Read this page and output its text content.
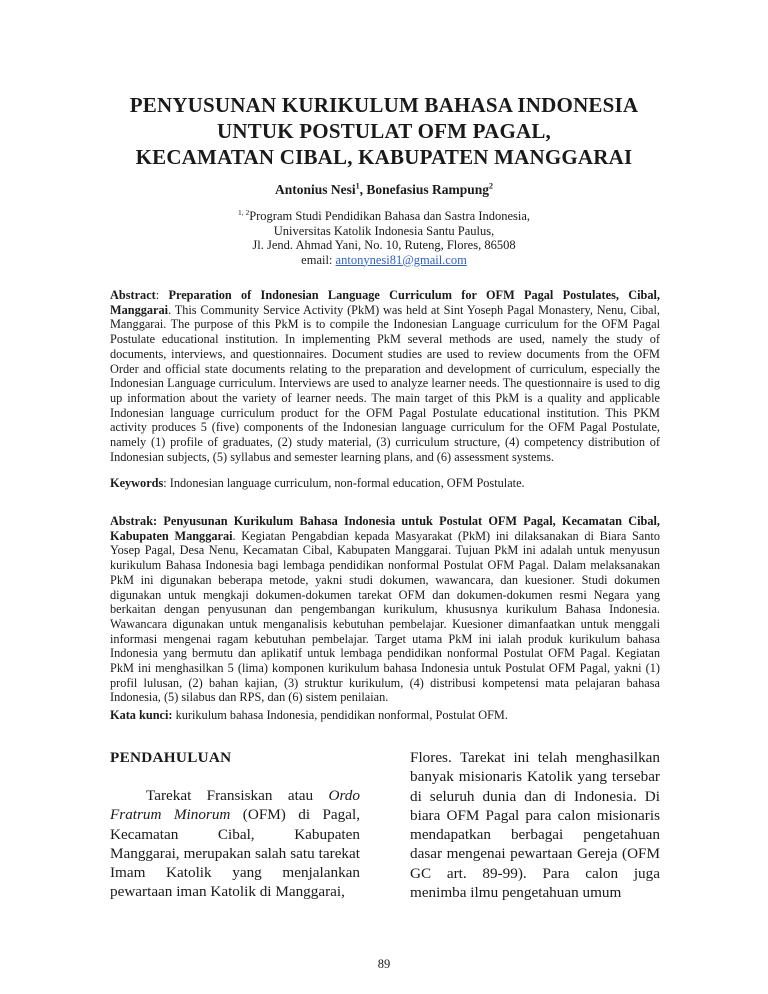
PENYUSUNAN KURIKULUM BAHASA INDONESIA
UNTUK POSTULAT OFM PAGAL,
KECAMATAN CIBAL, KABUPATEN MANGGARAI
Antonius Nesi$^1$, Bonefasius Rampung$^2$
$^{1, 2}$Program Studi Pendidikan Bahasa dan Sastra Indonesia,
Universitas Katolik Indonesia Santu Paulus,
Jl. Jend. Ahmad Yani, No. 10, Ruteng, Flores, 86508
email: antonynesi81@gmail.com

Abstract: Preparation of Indonesian Language Curriculum for OFM Pagal Postulates, Cibal, Manggarai. This Community Service Activity (PkM) was held at Sint Yoseph Pagal Monastery, Nenu, Cibal, Manggarai. The purpose of this PkM is to compile the Indonesian Language curriculum for the OFM Pagal Postulate educational institution. In implementing PkM several methods are used, namely the study of documents, interviews, and questionnaires. Document studies are used to review documents from the OFM Order and official state documents relating to the preparation and development of curriculum, especially the Indonesian Language curriculum. Interviews are used to analyze learner needs. The questionnaire is used to dig up information about the variety of learner needs. The main target of this PkM is a quality and applicable Indonesian language curriculum product for the OFM Pagal Postulate educational institution. This PKM activity produces 5 (five) components of the Indonesian language curriculum for the OFM Pagal Postulate, namely (1) profile of graduates, (2) study material, (3) curriculum structure, (4) competency distribution of Indonesian subjects, (5) syllabus and semester learning plans, and (6) assessment systems.

Keywords: Indonesian language curriculum, non-formal education, OFM Postulate.

Abstrak: Penyusunan Kurikulum Bahasa Indonesia untuk Postulat OFM Pagal, Kecamatan Cibal, Kabupaten Manggarai. Kegiatan Pengabdian kepada Masyarakat (PkM) ini dilaksanakan di Biara Santo Yosep Pagal, Desa Nenu, Kecamatan Cibal, Kabupaten Manggarai. Tujuan PkM ini adalah untuk menyusun kurikulum Bahasa Indonesia bagi lembaga pendidikan nonformal Postulat OFM Pagal. Dalam melaksanakan PkM ini digunakan beberapa metode, yakni studi dokumen, wawancara, dan kuesioner. Studi dokumen digunakan untuk mengkaji dokumen-dokumen tarekat OFM dan dokumen-dokumen resmi Negara yang berkaitan dengan penyusunan dan pengembangan kurikulum, khususnya kurikulum Bahasa Indonesia. Wawancara digunakan untuk menganalisis kebutuhan pembelajar. Kuesioner dimanfaatkan untuk menggali informasi mengenai ragam kebutuhan pembelajar. Target utama PkM ini ialah produk kurikulum bahasa Indonesia yang bermutu dan aplikatif untuk lembaga pendidikan nonformal Postulat OFM Pagal. Kegiatan PkM ini menghasilkan 5 (lima) komponen kurikulum bahasa Indonesia untuk Postulat OFM Pagal, yakni (1) profil lulusan, (2) bahan kajian, (3) struktur kurikulum, (4) distribusi kompetensi mata pelajaran bahasa Indonesia, (5) silabus dan RPS, dan (6) sistem penilaian.

Kata kunci: kurikulum bahasa Indonesia, pendidikan nonformal, Postulat OFM.

PENDAHULUAN

Tarekat Fransiskan atau Ordo Fratrum Minorum (OFM) di Pagal, Kecamatan Cibal, Kabupaten Manggarai, merupakan salah satu tarekat Imam Katolik yang menjalankan pewartaan iman Katolik di Manggarai,

Flores. Tarekat ini telah menghasilkan banyak misionaris Katolik yang tersebar di seluruh dunia dan di Indonesia. Di biara OFM Pagal para calon misionaris mendapatkan berbagai pengetahuan dasar mengenai pewartaan Gereja (OFM GC art. 89-99). Para calon juga menimba ilmu pengetahuan umum

89
